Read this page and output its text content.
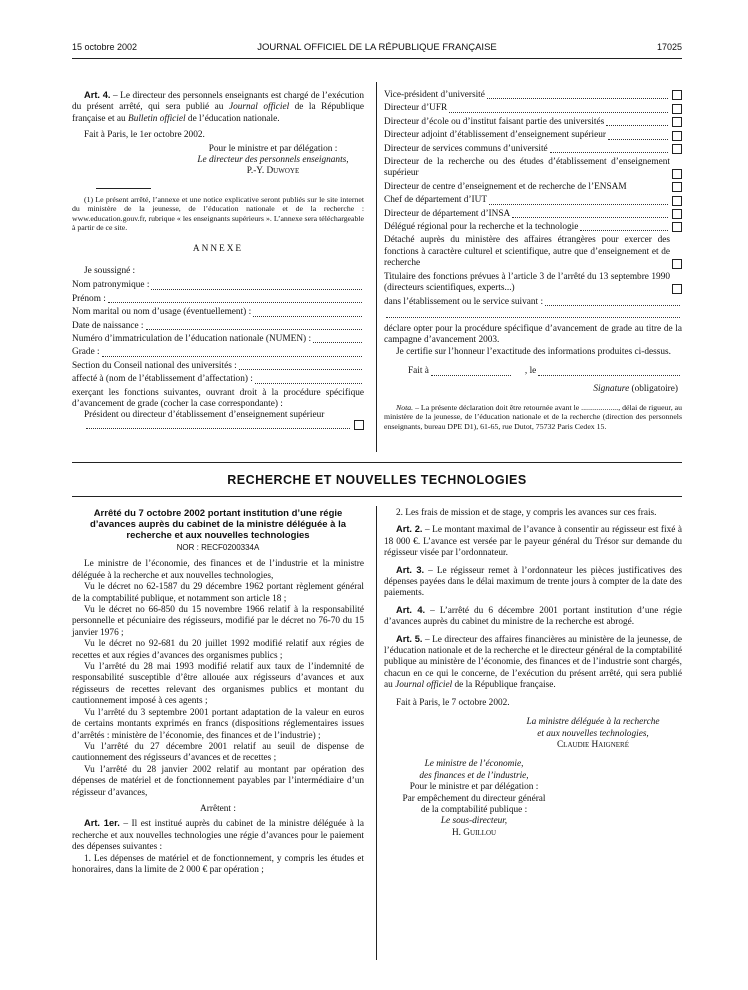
15 octobre 2002	JOURNAL OFFICIEL DE LA RÉPUBLIQUE FRANÇAISE	17025

Art. 4. – Le directeur des personnels enseignants est chargé de l’exécution du présent arrêté, qui sera publié au Journal officiel de la République française et au Bulletin officiel de l’éducation nationale.

Fait à Paris, le 1er octobre 2002.

Pour le ministre et par délégation :

Le directeur des personnels enseignants,

P.-Y. Duwoye

(1) Le présent arrêté, l’annexe et une notice explicative seront publiés sur le site internet du ministère de la jeunesse, de l’éducation nationale et de la recherche : www.education.gouv.fr, rubrique « les enseignants supérieurs ». L’annexe sera téléchargeable à partir de ce site.

ANNEXE

Je soussigné :

Nom patronymique :
Prénom :
Nom marital ou nom d’usage (éventuellement) :
Date de naissance :
Numéro d’immatriculation de l’éducation nationale (NUMEN) :
Grade :
Section du Conseil national des universités :
affecté à (nom de l’établissement d’affectation) :

exerçant les fonctions suivantes, ouvrant droit à la procédure spécifique d’avancement de grade (cocher la case correspondante) :

Président ou directeur d’établissement d’enseignement supérieur

Vice-président d’université
Directeur d’UFR
Directeur d’école ou d’institut faisant partie des universités
Directeur adjoint d’établissement d’enseignement supérieur
Directeur de services communs d’université
Directeur de la recherche ou des études d’établissement d’enseignement supérieur
Directeur de centre d’enseignement et de recherche de l’ENSAM
Chef de département d’IUT
Directeur de département d’INSA
Délégué régional pour la recherche et la technologie
Détaché auprès du ministère des affaires étrangères pour exercer des fonctions à caractère culturel et scientifique, autre que d’enseignement et de recherche
Titulaire des fonctions prévues à l’article 3 de l’arrêté du 13 septembre 1990 (directeurs scientifiques, experts...)
dans l’établissement ou le service suivant :

déclare opter pour la procédure spécifique d’avancement de grade au titre de la campagne d’avancement 2003.

Je certifie sur l’honneur l’exactitude des informations produites ci-dessus.

Fait à	, le

Signature (obligatoire)

Nota. – La présente déclaration doit être retournée avant le ..................., délai de rigueur, au ministère de la jeunesse, de l’éducation nationale et de la recherche (direction des personnels enseignants, bureau DPE D1), 61-65, rue Dutot, 75732 Paris Cedex 15.

RECHERCHE ET NOUVELLES TECHNOLOGIES

Arrêté du 7 octobre 2002 portant institution d’une régie d’avances auprès du cabinet de la ministre déléguée à la recherche et aux nouvelles technologies

NOR : RECF0200334A

Le ministre de l’économie, des finances et de l’industrie et la ministre déléguée à la recherche et aux nouvelles technologies,

Vu le décret no 62-1587 du 29 décembre 1962 portant règlement général de la comptabilité publique, et notamment son article 18 ;

Vu le décret no 66-850 du 15 novembre 1966 relatif à la responsabilité personnelle et pécuniaire des régisseurs, modifié par le décret no 76-70 du 15 janvier 1976 ;

Vu le décret no 92-681 du 20 juillet 1992 modifié relatif aux régies de recettes et aux régies d’avances des organismes publics ;

Vu l’arrêté du 28 mai 1993 modifié relatif aux taux de l’indemnité de responsabilité susceptible d’être allouée aux régisseurs d’avances et aux régisseurs de recettes relevant des organismes publics et montant du cautionnement imposé à ces agents ;

Vu l’arrêté du 3 septembre 2001 portant adaptation de la valeur en euros de certains montants exprimés en francs (dispositions réglementaires issues d’arrêtés : ministère de l’économie, des finances et de l’industrie) ;

Vu l’arrêté du 27 décembre 2001 relatif au seuil de dispense de cautionnement des régisseurs d’avances et de recettes ;

Vu l’arrêté du 28 janvier 2002 relatif au montant par opération des dépenses de matériel et de fonctionnement payables par l’intermédiaire d’un régisseur d’avances,

Arrêtent :

Art. 1er. – Il est institué auprès du cabinet de la ministre déléguée à la recherche et aux nouvelles technologies une régie d’avances pour le paiement des dépenses suivantes :

1. Les dépenses de matériel et de fonctionnement, y compris les études et honoraires, dans la limite de 2 000 € par opération ;

2. Les frais de mission et de stage, y compris les avances sur ces frais.

Art. 2. – Le montant maximal de l’avance à consentir au régisseur est fixé à 18 000 €. L’avance est versée par le payeur général du Trésor sur demande du régisseur visée par l’ordonnateur.

Art. 3. – Le régisseur remet à l’ordonnateur les pièces justificatives des dépenses payées dans le délai maximum de trente jours à compter de la date des paiements.

Art. 4. – L’arrêté du 6 décembre 2001 portant institution d’une régie d’avances auprès du cabinet du ministre de la recherche est abrogé.

Art. 5. – Le directeur des affaires financières au ministère de la jeunesse, de l’éducation nationale et de la recherche et le directeur général de la comptabilité publique au ministère de l’économie, des finances et de l’industrie sont chargés, chacun en ce qui le concerne, de l’exécution du présent arrêté, qui sera publié au Journal officiel de la République française.

Fait à Paris, le 7 octobre 2002.

La ministre déléguée à la recherche

et aux nouvelles technologies,

Claudie Haigneré

Le ministre de l’économie,

des finances et de l’industrie,

Pour le ministre et par délégation :

Par empêchement du directeur général

de la comptabilité publique :

Le sous-directeur,

H. Guillou
